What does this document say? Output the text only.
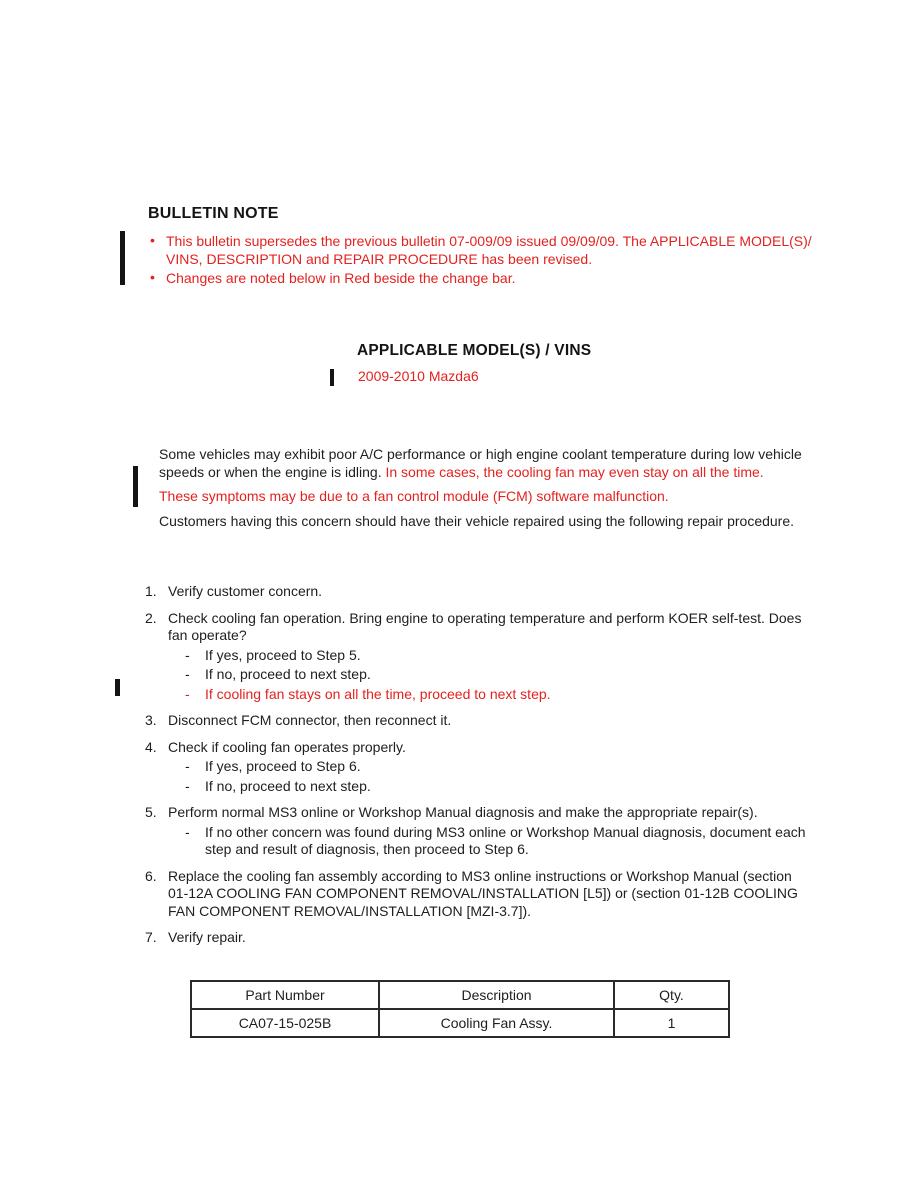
BULLETIN NOTE
• This bulletin supersedes the previous bulletin 07-009/09 issued 09/09/09. The APPLICABLE MODEL(S)/ VINS, DESCRIPTION and REPAIR PROCEDURE has been revised.
• Changes are noted below in Red beside the change bar.
APPLICABLE MODEL(S) / VINS
2009-2010 Mazda6

Some vehicles may exhibit poor A/C performance or high engine coolant temperature during low vehicle speeds or when the engine is idling. In some cases, the cooling fan may even stay on all the time.

These symptoms may be due to a fan control module (FCM) software malfunction.

Customers having this concern should have their vehicle repaired using the following repair procedure.

1. Verify customer concern.
2. Check cooling fan operation. Bring engine to operating temperature and perform KOER self-test. Does fan operate?
If yes, proceed to Step 5.
If no, proceed to next step.
If cooling fan stays on all the time, proceed to next step.
3. Disconnect FCM connector, then reconnect it.
4. Check if cooling fan operates properly.
If yes, proceed to Step 6.
If no, proceed to next step.
5. Perform normal MS3 online or Workshop Manual diagnosis and make the appropriate repair(s).
If no other concern was found during MS3 online or Workshop Manual diagnosis, document each step and result of diagnosis, then proceed to Step 6.
6. Replace the cooling fan assembly according to MS3 online instructions or Workshop Manual (section 01-12A COOLING FAN COMPONENT REMOVAL/INSTALLATION [L5]) or (section 01-12B COOLING FAN COMPONENT REMOVAL/INSTALLATION [MZI-3.7]).
7. Verify repair.
Part Number	Description	Qty.
CA07-15-025B	Cooling Fan Assy.	1
